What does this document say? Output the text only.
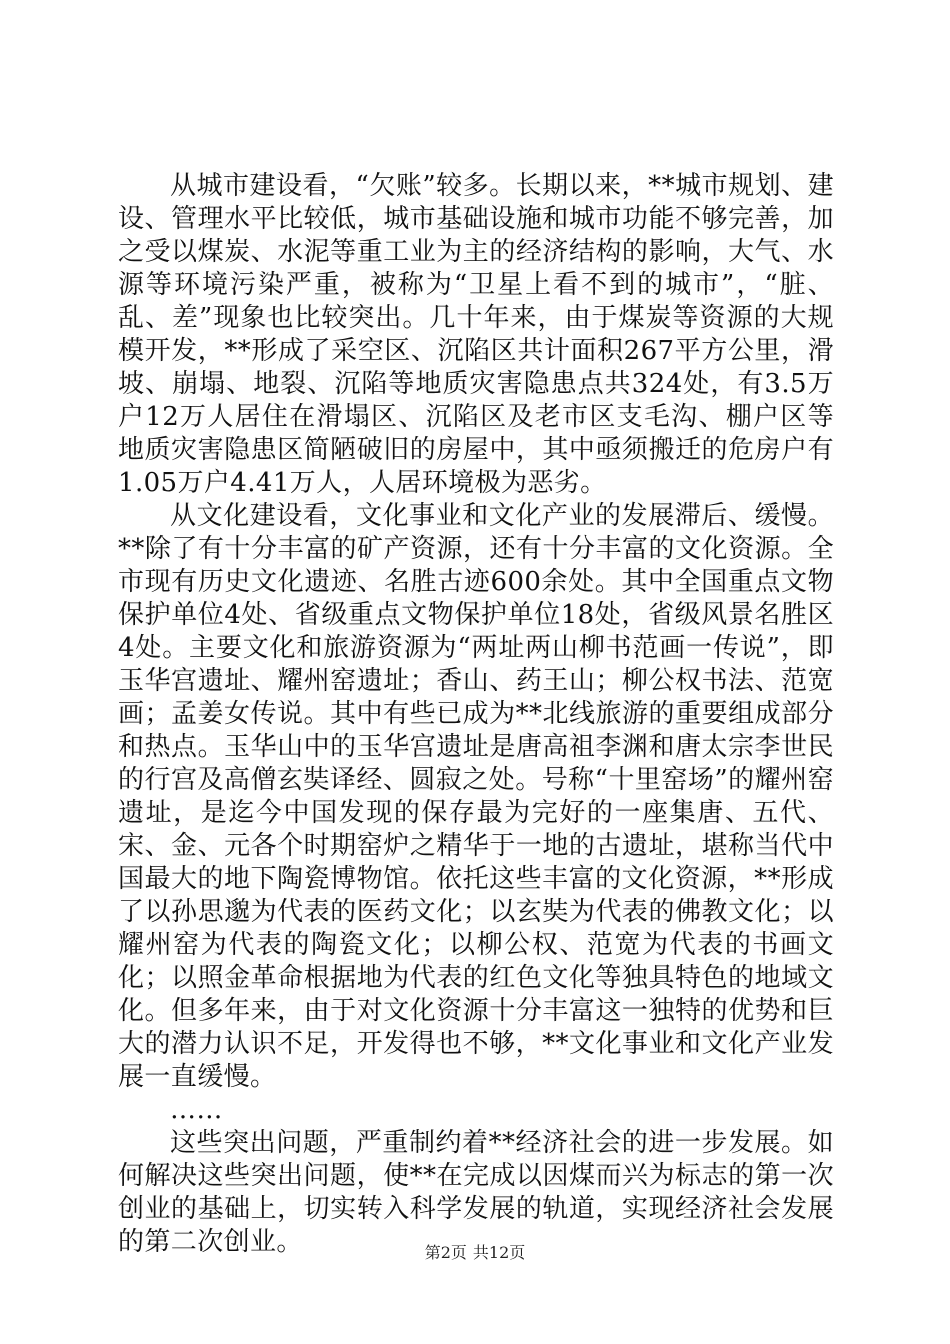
从城市建设看，“欠账”较多。长期以来，**城市规划、建设、管理水平比较低，城市基础设施和城市功能不够完善，加之受以煤炭、水泥等重工业为主的经济结构的影响，大气、水源等环境污染严重，被称为“卫星上看不到的城市”，“脏、乱、差”现象也比较突出。几十年来，由于煤炭等资源的大规模开发，**形成了采空区、沉陷区共计面积267平方公里，滑坡、崩塌、地裂、沉陷等地质灾害隐患点共324处，有3.5万户12万人居住在滑塌区、沉陷区及老市区支毛沟、棚户区等地质灾害隐患区简陋破旧的房屋中，其中亟须搬迁的危房户有1.05万户4.41万人，人居环境极为恶劣。

从文化建设看，文化事业和文化产业的发展滞后、缓慢。**除了有十分丰富的矿产资源，还有十分丰富的文化资源。全市现有历史文化遗迹、名胜古迹600余处。其中全国重点文物保护单位4处、省级重点文物保护单位18处，省级风景名胜区4处。主要文化和旅游资源为“两址两山柳书范画一传说”，即玉华宫遗址、耀州窑遗址；香山、药王山；柳公权书法、范宽画；孟姜女传说。其中有些已成为**北线旅游的重要组成部分和热点。玉华山中的玉华宫遗址是唐高祖李渊和唐太宗李世民的行宫及高僧玄奘译经、圆寂之处。号称“十里窑场”的耀州窑遗址，是迄今中国发现的保存最为完好的一座集唐、五代、宋、金、元各个时期窑炉之精华于一地的古遗址，堪称当代中国最大的地下陶瓷博物馆。依托这些丰富的文化资源，**形成了以孙思邈为代表的医药文化；以玄奘为代表的佛教文化；以耀州窑为代表的陶瓷文化；以柳公权、范宽为代表的书画文化；以照金革命根据地为代表的红色文化等独具特色的地域文化。但多年来，由于对文化资源十分丰富这一独特的优势和巨大的潜力认识不足，开发得也不够，**文化事业和文化产业发展一直缓慢。

……

这些突出问题，严重制约着**经济社会的进一步发展。如何解决这些突出问题，使**在完成以因煤而兴为标志的第一次创业的基础上，切实转入科学发展的轨道，实现经济社会发展的第二次创业。	第2页 共12页
